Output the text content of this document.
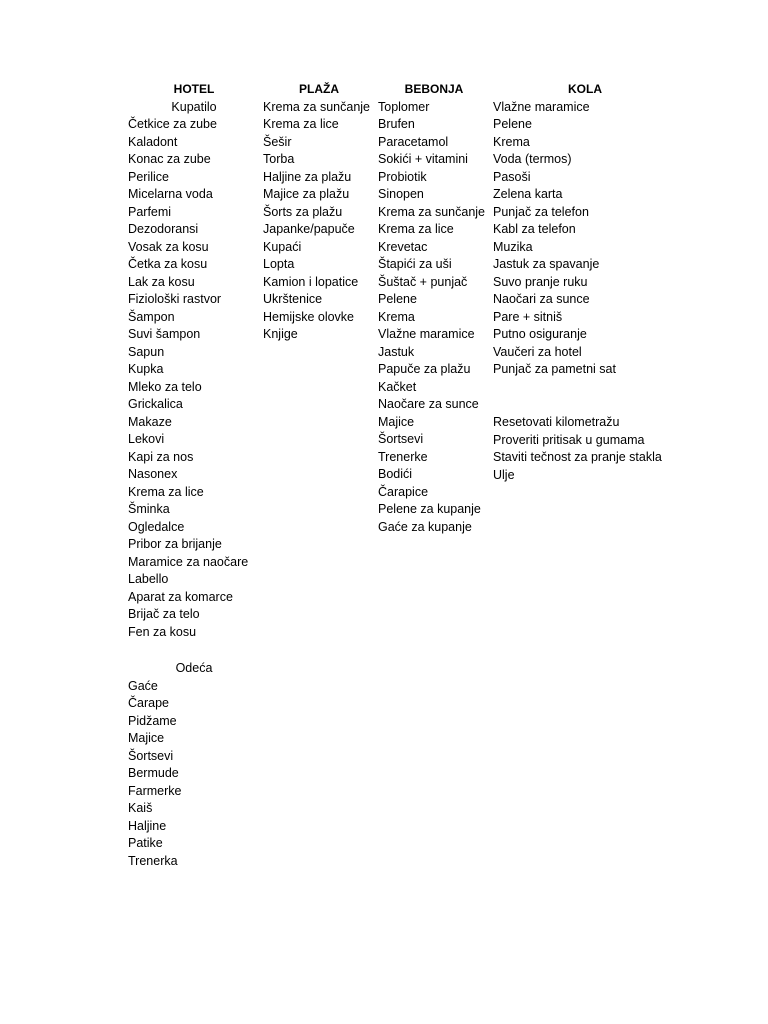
HOTEL
Kupatilo
Četkice za zube
Kaladont
Konac za zube
Perilice
Micelarna voda
Parfemi
Dezodoransi
Vosak za kosu
Četka za kosu
Lak za kosu
Fiziološki rastvor
Šampon
Suvi šampon
Sapun
Kupka
Mleko za telo
Grickalica
Makaze
Lekovi
Kapi za nos
Nasonex
Krema za lice
Šminka
Ogledalce
Pribor za brijanje
Maramice za naočare
Labello
Aparat za komarce
Brijač za telo
Fen za kosu
Odeća
Gaće
Čarape
Pidžame
Majice
Šortsevi
Bermude
Farmerke
Kaiš
Haljine
Patike
Trenerka
PLAŽA
Krema za sunčanje
Krema za lice
Šešir
Torba
Haljine za plažu
Majice za plažu
Šorts za plažu
Japanke/papuče
Kupaći
Lopta
Kamion i lopatice
Ukrštenice
Hemijske olovke
Knjige
BEBONJA
Toplomer
Brufen
Paracetamol
Sokići + vitamini
Probiotik
Sinopen
Krema za sunčanje
Krema za lice
Krevetac
Štapići za uši
Šuštač + punjač
Pelene
Krema
Vlažne maramice
Jastuk
Papuče za plažu
Kačket
Naočare za sunce
Majice
Šortsevi
Trenerke
Bodići
Čarapice
Pelene za kupanje
Gaće za kupanje
KOLA
Vlažne maramice
Pelene
Krema
Voda (termos)
Pasoši
Zelena karta
Punjač za telefon
Kabl za telefon
Muzika
Jastuk za spavanje
Suvo pranje ruku
Naočari za sunce
Pare + sitniš
Putno osiguranje
Vaučeri za hotel
Punjač za pametni sat
Resetovati kilometražu
Proveriti pritisak u gumama
Staviti tečnost za pranje stakla
Ulje
